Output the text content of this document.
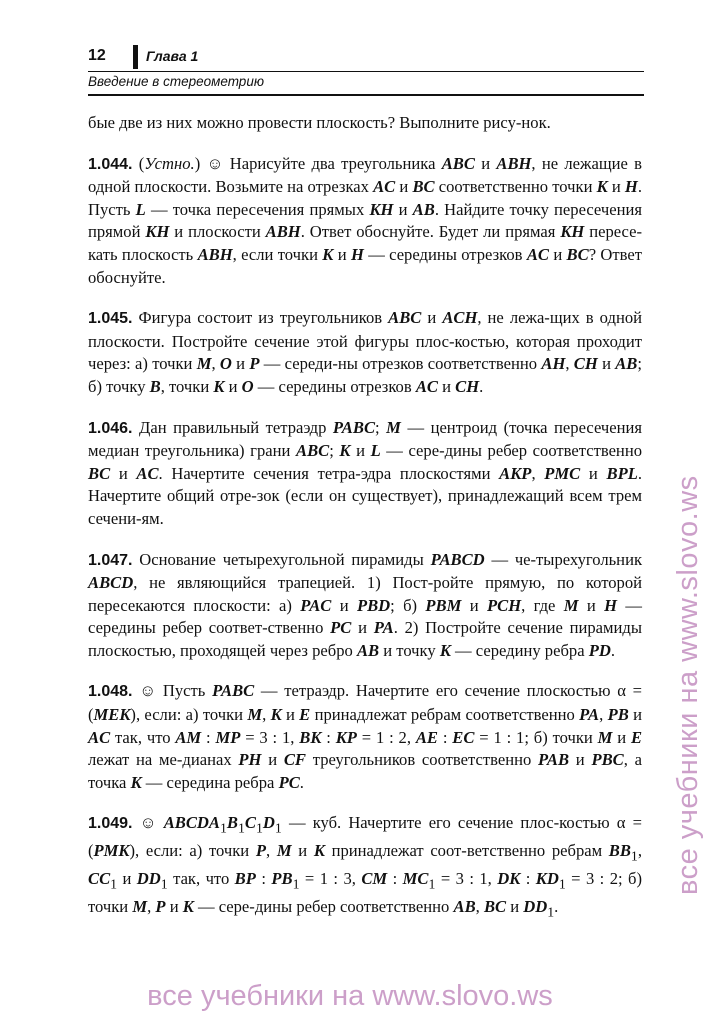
12	Глава 1
Введение в стереометрию

бые две из них можно провести плоскость? Выполните рису-нок.

1.044. (Устно.) ☺ Нарисуйте два треугольника ABC и ABH, не лежащие в одной плоскости. Возьмите на отрезках AC и BC соответственно точки K и H. Пусть L — точка пересечения прямых KH и AB. Найдите точку пересечения прямой KH и плоскости ABH. Ответ обоснуйте. Будет ли прямая KH пересе-кать плоскость ABH, если точки K и H — середины отрезков AC и BC? Ответ обоснуйте.

1.045. Фигура состоит из треугольников ABC и ACH, не лежа-щих в одной плоскости. Постройте сечение этой фигуры плос-костью, которая проходит через: а) точки M, O и P — середи-ны отрезков соответственно AH, CH и AB; б) точку B, точки K и O — середины отрезков AC и CH.

1.046. Дан правильный тетраэдр PABC; M — центроид (точка пересечения медиан треугольника) грани ABC; K и L — сере-дины ребер соответственно BC и AC. Начертите сечения тетра-эдра плоскостями AKP, PMC и BPL. Начертите общий отре-зок (если он существует), принадлежащий всем трем сечени-ям.

1.047. Основание четырехугольной пирамиды PABCD — че-тырехугольник ABCD, не являющийся трапецией. 1) Пост-ройте прямую, по которой пересекаются плоскости: а) PAC и PBD; б) PBM и PCH, где M и H — середины ребер соответ-ственно PC и PA. 2) Постройте сечение пирамиды плоскостью, проходящей через ребро AB и точку K — середину ребра PD.

1.048. ☺ Пусть PABC — тетраэдр. Начертите его сечение плоскостью α = (MEK), если: а) точки M, K и E принадлежат ребрам соответственно PA, PB и AC так, что AM : MP = 3 : 1, BK : KP = 1 : 2, AE : EC = 1 : 1; б) точки M и E лежат на ме-дианах PH и CF треугольников соответственно PAB и PBC, а точка K — середина ребра PC.

1.049. ☺ $ABCDA_1B_1C_1D_1$ — куб. Начертите его сечение плос-костью α = (PMK), если: а) точки P, M и K принадлежат соот-ветственно ребрам $BB_1$, $CC_1$ и $DD_1$ так, что BP : $PB_1 = 1$ : 3, CM : $MC_1 = 3$ : 1, DK : $KD_1 = 3$ : 2; б) точки M, P и K — сере-дины ребер соответственно AB, BC и $DD_1$.

все учебники на www.slovo.ws
все учебники на www.slovo.ws
